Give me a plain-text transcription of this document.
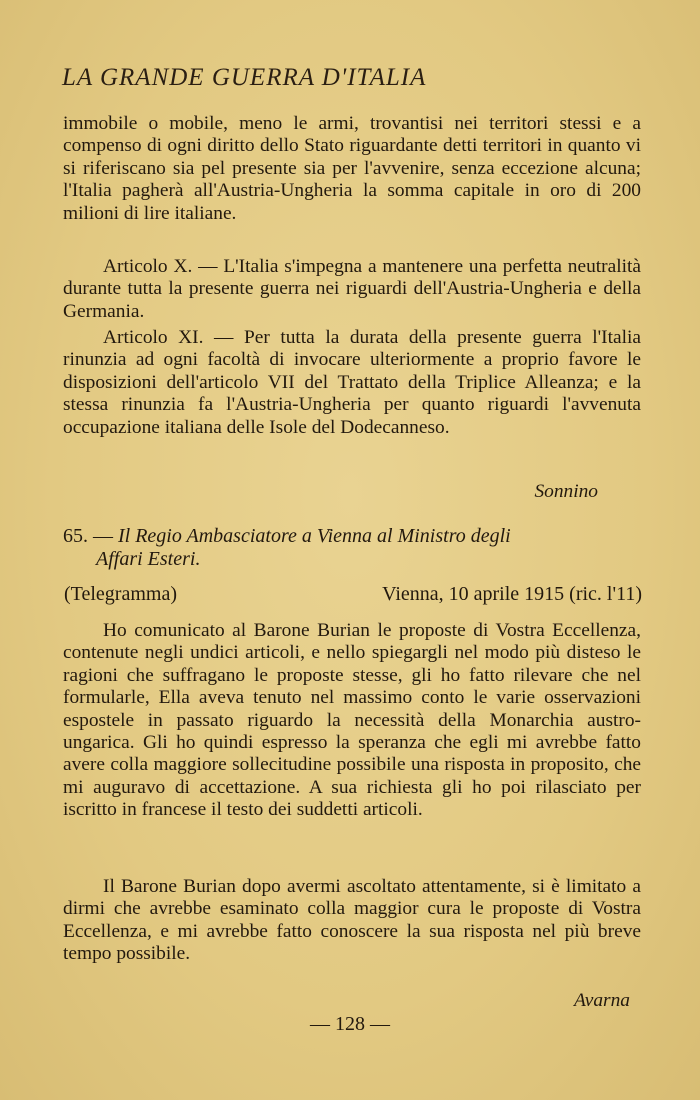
LA GRANDE GUERRA D'ITALIA

immobile o mobile, meno le armi, trovantisi nei territori stessi e a compenso di ogni diritto dello Stato riguardante detti territori in quanto vi si riferiscano sia pel presente sia per l'avvenire, senza eccezione alcuna; l'Italia pagherà all'Austria-Ungheria la somma capitale in oro di 200 milioni di lire italiane.

Articolo X. — L'Italia s'impegna a mantenere una perfetta neutralità durante tutta la presente guerra nei riguardi dell'Austria-Ungheria e della Germania.

Articolo XI. — Per tutta la durata della presente guerra l'Italia rinunzia ad ogni facoltà di invocare ulteriormente a proprio favore le disposizioni dell'articolo VII del Trattato della Triplice Alleanza; e la stessa rinunzia fa l'Austria-Ungheria per quanto riguardi l'avvenuta occupazione italiana delle Isole del Dodecanneso.

Sonnino
65. — Il Regio Ambasciatore a Vienna al Ministro degli
Affari Esteri.
(Telegramma)	Vienna, 10 aprile 1915 (ric. l'11)

Ho comunicato al Barone Burian le proposte di Vostra Eccellenza, contenute negli undici articoli, e nello spiegargli nel modo più disteso le ragioni che suffragano le proposte stesse, gli ho fatto rilevare che nel formularle, Ella aveva tenuto nel massimo conto le varie osservazioni espostele in passato riguardo la necessità della Monarchia austro-ungarica. Gli ho quindi espresso la speranza che egli mi avrebbe fatto avere colla maggiore sollecitudine possibile una risposta in proposito, che mi auguravo di accettazione. A sua richiesta gli ho poi rilasciato per iscritto in francese il testo dei suddetti articoli.

Il Barone Burian dopo avermi ascoltato attentamente, si è limitato a dirmi che avrebbe esaminato colla maggior cura le proposte di Vostra Eccellenza, e mi avrebbe fatto conoscere la sua risposta nel più breve tempo possibile.

Avarna
— 128 —
